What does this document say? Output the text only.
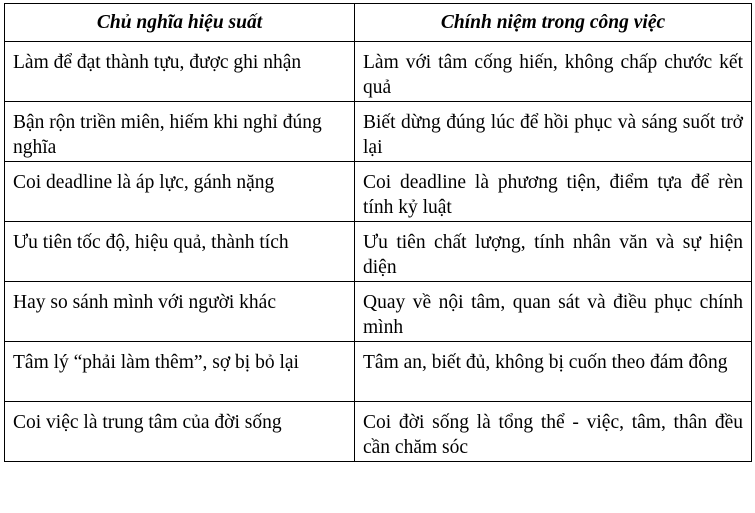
Chủ nghĩa hiệu suất	Chính niệm trong công việc
Làm để đạt thành tựu, được ghi nhận	Làm với tâm cống hiến, không chấp chước kết quả
Bận rộn triền miên, hiếm khi nghỉ đúng nghĩa	Biết dừng đúng lúc để hồi phục và sáng suốt trở lại
Coi deadline là áp lực, gánh nặng	Coi deadline là phương tiện, điểm tựa để rèn tính kỷ luật
Ưu tiên tốc độ, hiệu quả, thành tích	Ưu tiên chất lượng, tính nhân văn và sự hiện diện
Hay so sánh mình với người khác	Quay về nội tâm, quan sát và điều phục chính mình
Tâm lý “phải làm thêm”, sợ bị bỏ lại	Tâm an, biết đủ, không bị cuốn theo đám đông
Coi việc là trung tâm của đời sống	Coi đời sống là tổng thể - việc, tâm, thân đều cần chăm sóc
